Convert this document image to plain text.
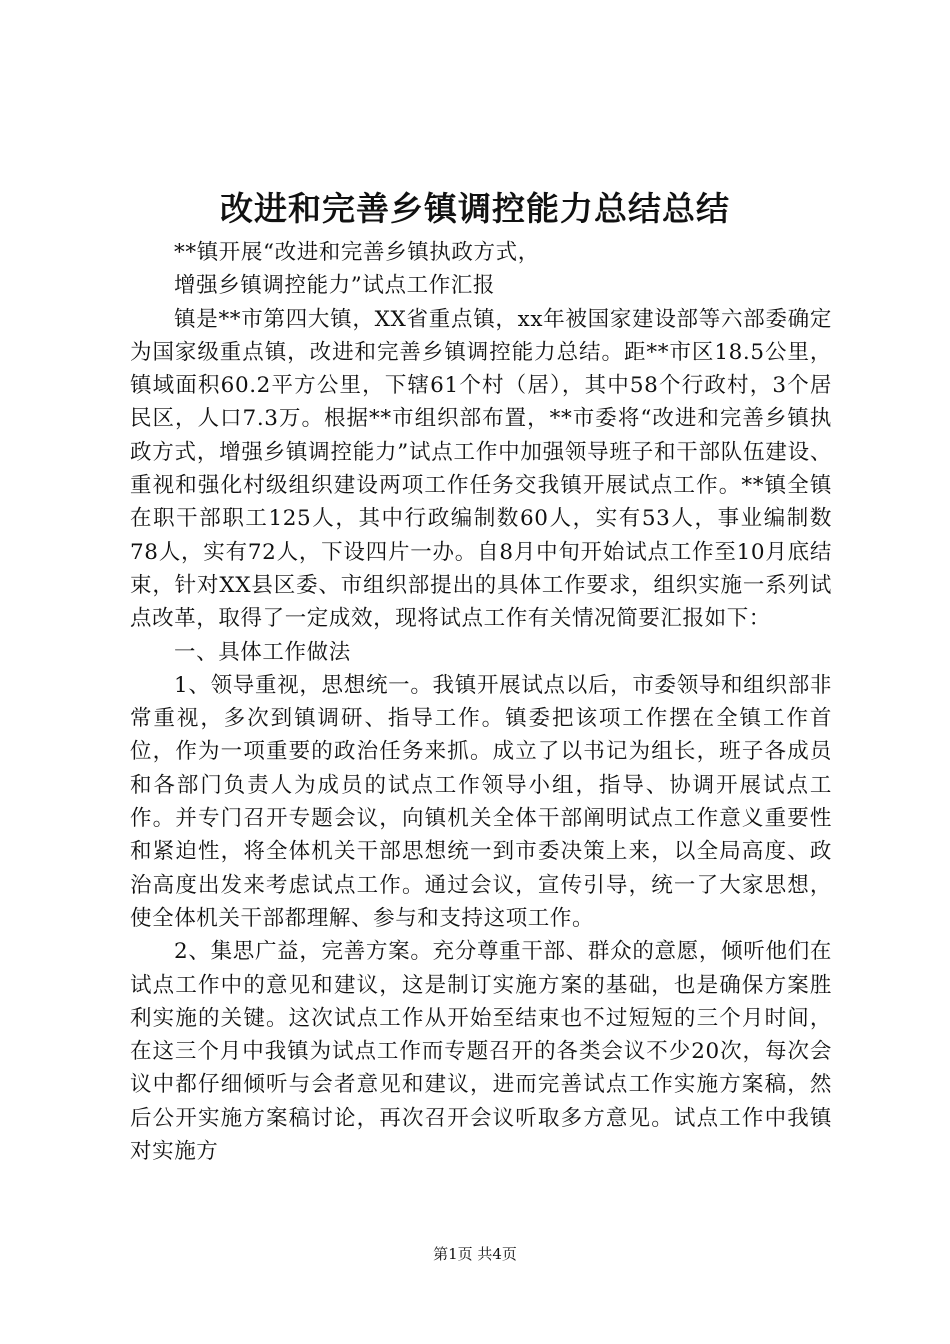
改进和完善乡镇调控能力总结总结

**镇开展“改进和完善乡镇执政方式，

增强乡镇调控能力”试点工作汇报

镇是**市第四大镇，XX省重点镇，xx年被国家建设部等六部委确定为国家级重点镇，改进和完善乡镇调控能力总结。距**市区18.5公里，镇域面积60.2平方公里，下辖61个村（居），其中58个行政村，3个居民区，人口7.3万。根据**市组织部布置，**市委将“改进和完善乡镇执政方式，增强乡镇调控能力”试点工作中加强领导班子和干部队伍建设、重视和强化村级组织建设两项工作任务交我镇开展试点工作。**镇全镇在职干部职工125人，其中行政编制数60人，实有53人，事业编制数78人，实有72人，下设四片一办。自8月中旬开始试点工作至10月底结束，针对XX县区委、市组织部提出的具体工作要求，组织实施一系列试点改革，取得了一定成效，现将试点工作有关情况简要汇报如下：

一、具体工作做法

1、领导重视，思想统一。我镇开展试点以后，市委领导和组织部非常重视，多次到镇调研、指导工作。镇委把该项工作摆在全镇工作首位，作为一项重要的政治任务来抓。成立了以书记为组长，班子各成员和各部门负责人为成员的试点工作领导小组，指导、协调开展试点工作。并专门召开专题会议，向镇机关全体干部阐明试点工作意义重要性和紧迫性，将全体机关干部思想统一到市委决策上来，以全局高度、政治高度出发来考虑试点工作。通过会议，宣传引导，统一了大家思想，使全体机关干部都理解、参与和支持这项工作。

2、集思广益，完善方案。充分尊重干部、群众的意愿，倾听他们在试点工作中的意见和建议，这是制订实施方案的基础，也是确保方案胜利实施的关键。这次试点工作从开始至结束也不过短短的三个月时间，在这三个月中我镇为试点工作而专题召开的各类会议不少20次，每次会议中都仔细倾听与会者意见和建议，进而完善试点工作实施方案稿，然后公开实施方案稿讨论，再次召开会议听取多方意见。试点工作中我镇对实施方

第1页 共4页
